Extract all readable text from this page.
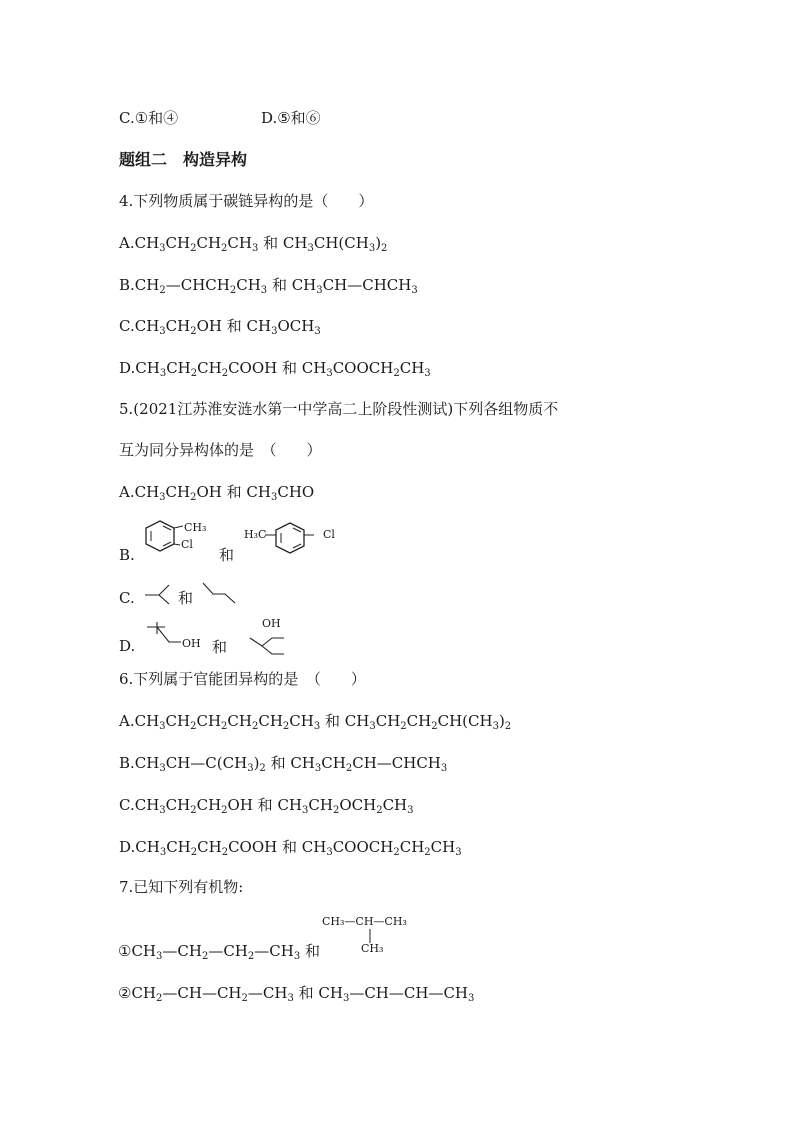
C.①和④	D.⑤和⑥
题组二　构造异构
4.下列物质属于碳链异构的是（　　）
$A.CH_3CH_2CH_2CH_3$ 和 $CH_3CH(CH_3)_2$
$B.CH_2—CHCH_2CH_3$ 和 $CH_3CH—CHCH_3$
$C.CH_3CH_2OH$ 和 $CH_3OCH_3$
$D.CH_3CH_2CH_2COOH$ 和 $CH_3COOCH_2CH_3$
5.(2021江苏淮安涟水第一中学高二上阶段性测试)下列各组物质不
互为同分异构体的是　（　　）
$A.CH_3CH_2OH$ 和 $CH_3CHO$
B.
CH₃
Cl
和
H₃C	Cl
C.	和
D.	OH 和
OH
6.下列属于官能团异构的是　（　　）
$A.CH_3CH_2CH_2CH_2CH_2CH_3$ 和 $CH_3CH_2CH_2CH(CH_3)_2$
$B.CH_3CH—C(CH_3)_2$ 和 $CH_3CH_2CH—CHCH_3$
$C.CH_3CH_2CH_2OH$ 和 $CH_3CH_2OCH_2CH_3$
$D.CH_3CH_2CH_2COOH$ 和 $CH_3COOCH_2CH_2CH_3$
7.已知下列有机物:
CH₃—CH—CH₃
CH₃
$①CH_3—CH_2—CH_2—CH_3$ 和
$②CH_2—CH—CH_2—CH_3$ 和 $CH_3—CH—CH—CH_3$
